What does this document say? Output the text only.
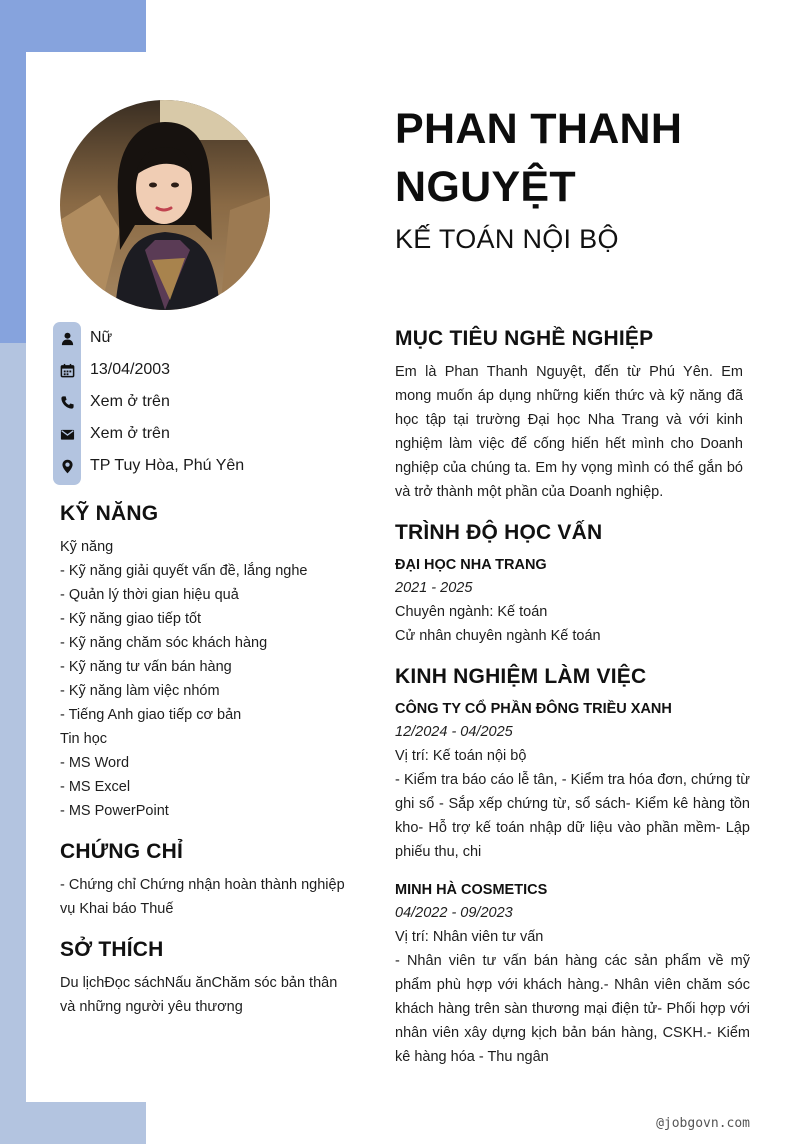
Nữ
13/04/2003
Xem ở trên
Xem ở trên
TP Tuy Hòa, Phú Yên
KỸ NĂNG
Kỹ năng
- Kỹ năng giải quyết vấn đề, lắng nghe
- Quản lý thời gian hiệu quả
- Kỹ năng giao tiếp tốt
- Kỹ năng chăm sóc khách hàng
- Kỹ năng tư vấn bán hàng
- Kỹ năng làm việc nhóm
- Tiếng Anh giao tiếp cơ bản
Tin học
- MS Word
- MS Excel
- MS PowerPoint
CHỨNG CHỈ
- Chứng chỉ Chứng nhận hoàn thành nghiệp vụ Khai báo Thuế
SỞ THÍCH
Du lịchĐọc sáchNấu ănChăm sóc bản thân và những người yêu thương
PHAN THANH NGUYỆT
KẾ TOÁN NỘI BỘ
MỤC TIÊU NGHỀ NGHIỆP
Em là Phan Thanh Nguyệt, đến từ Phú Yên. Em mong muốn áp dụng những kiến thức và kỹ năng đã học tập tại trường Đại học Nha Trang và với kinh nghiệm làm việc để cống hiến hết mình cho Doanh nghiệp của chúng ta. Em hy vọng mình có thể gắn bó và trở thành một phần của Doanh nghiệp.
TRÌNH ĐỘ HỌC VẤN
ĐẠI HỌC NHA TRANG
2021 - 2025
Chuyên ngành: Kế toán
Cử nhân chuyên ngành Kế toán
KINH NGHIỆM LÀM VIỆC
CÔNG TY CỔ PHẦN ĐÔNG TRIỀU XANH
12/2024 - 04/2025
Vị trí: Kế toán nội bộ
- Kiểm tra báo cáo lễ tân, - Kiểm tra hóa đơn, chứng từ ghi sổ - Sắp xếp chứng từ, sổ sách- Kiểm kê hàng tồn kho- Hỗ trợ kế toán nhập dữ liệu vào phần mềm- Lập phiếu thu, chi
MINH HÀ COSMETICS
04/2022 - 09/2023
Vị trí: Nhân viên tư vấn
- Nhân viên tư vấn bán hàng các sản phẩm về mỹ phẩm phù hợp với khách hàng.- Nhân viên chăm sóc khách hàng trên sàn thương mại điện tử- Phối hợp với nhân viên xây dựng kịch bản bán hàng, CSKH.- Kiểm kê hàng hóa - Thu ngân
@jobgovn.com
